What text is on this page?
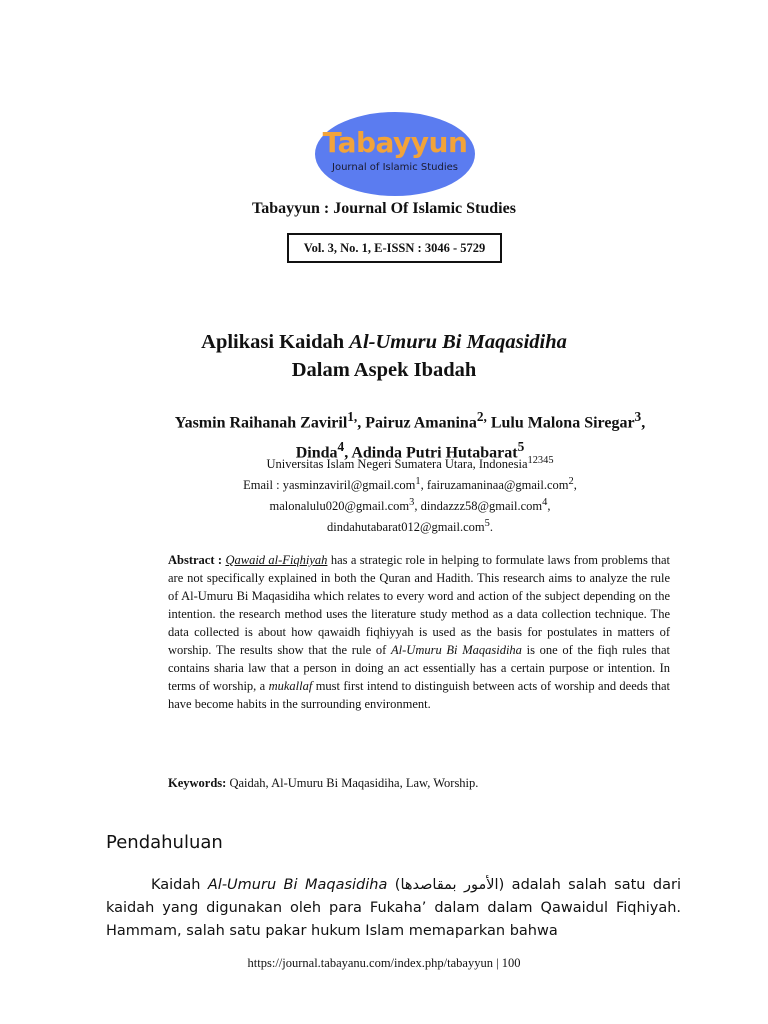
Tabayyun
Journal of Islamic Studies
Tabayyun : Journal Of Islamic Studies
Vol. 3, No. 1, E-ISSN : 3046 - 5729
Aplikasi Kaidah Al-Umuru Bi Maqasidiha
Dalam Aspek Ibadah
Yasmin Raihanah Zaviril$^{1,}$, Pairuz Amanina$^{2,}$ Lulu Malona Siregar$^3$, Dinda$^4$, Adinda Putri Hutabarat$^5$
Universitas Islam Negeri Sumatera Utara, Indonesia$^{12345}$
Email : yasminzaviril@gmail.com$^1$, fairuzamaninaa@gmail.com$^2$,
malonalulu020@gmail.com$^3$, dindazzz58@gmail.com$^4$,
dindahutabarat012@gmail.com$^5$.
Abstract : Qawaid al-Fiqhiyah has a strategic role in helping to formulate laws from problems that are not specifically explained in both the Quran and Hadith. This research aims to analyze the rule of Al-Umuru Bi Maqasidiha which relates to every word and action of the subject depending on the intention. the research method uses the literature study method as a data collection technique. The data collected is about how qawaidh fiqhiyyah is used as the basis for postulates in matters of worship. The results show that the rule of Al-Umuru Bi Maqasidiha is one of the fiqh rules that contains sharia law that a person in doing an act essentially has a certain purpose or intention. In terms of worship, a mukallaf must first intend to distinguish between acts of worship and deeds that have become habits in the surrounding environment.
Keywords: Qaidah, Al-Umuru Bi Maqasidiha, Law, Worship.
Pendahuluan
Kaidah Al-Umuru Bi Maqasidiha (الأمور بمقاصدها) adalah salah satu dari kaidah yang digunakan oleh para Fukaha’ dalam dalam Qawaidul Fiqhiyah. Hammam, salah satu pakar hukum Islam memaparkan bahwa
https://journal.tabayanu.com/index.php/tabayyun | 100
